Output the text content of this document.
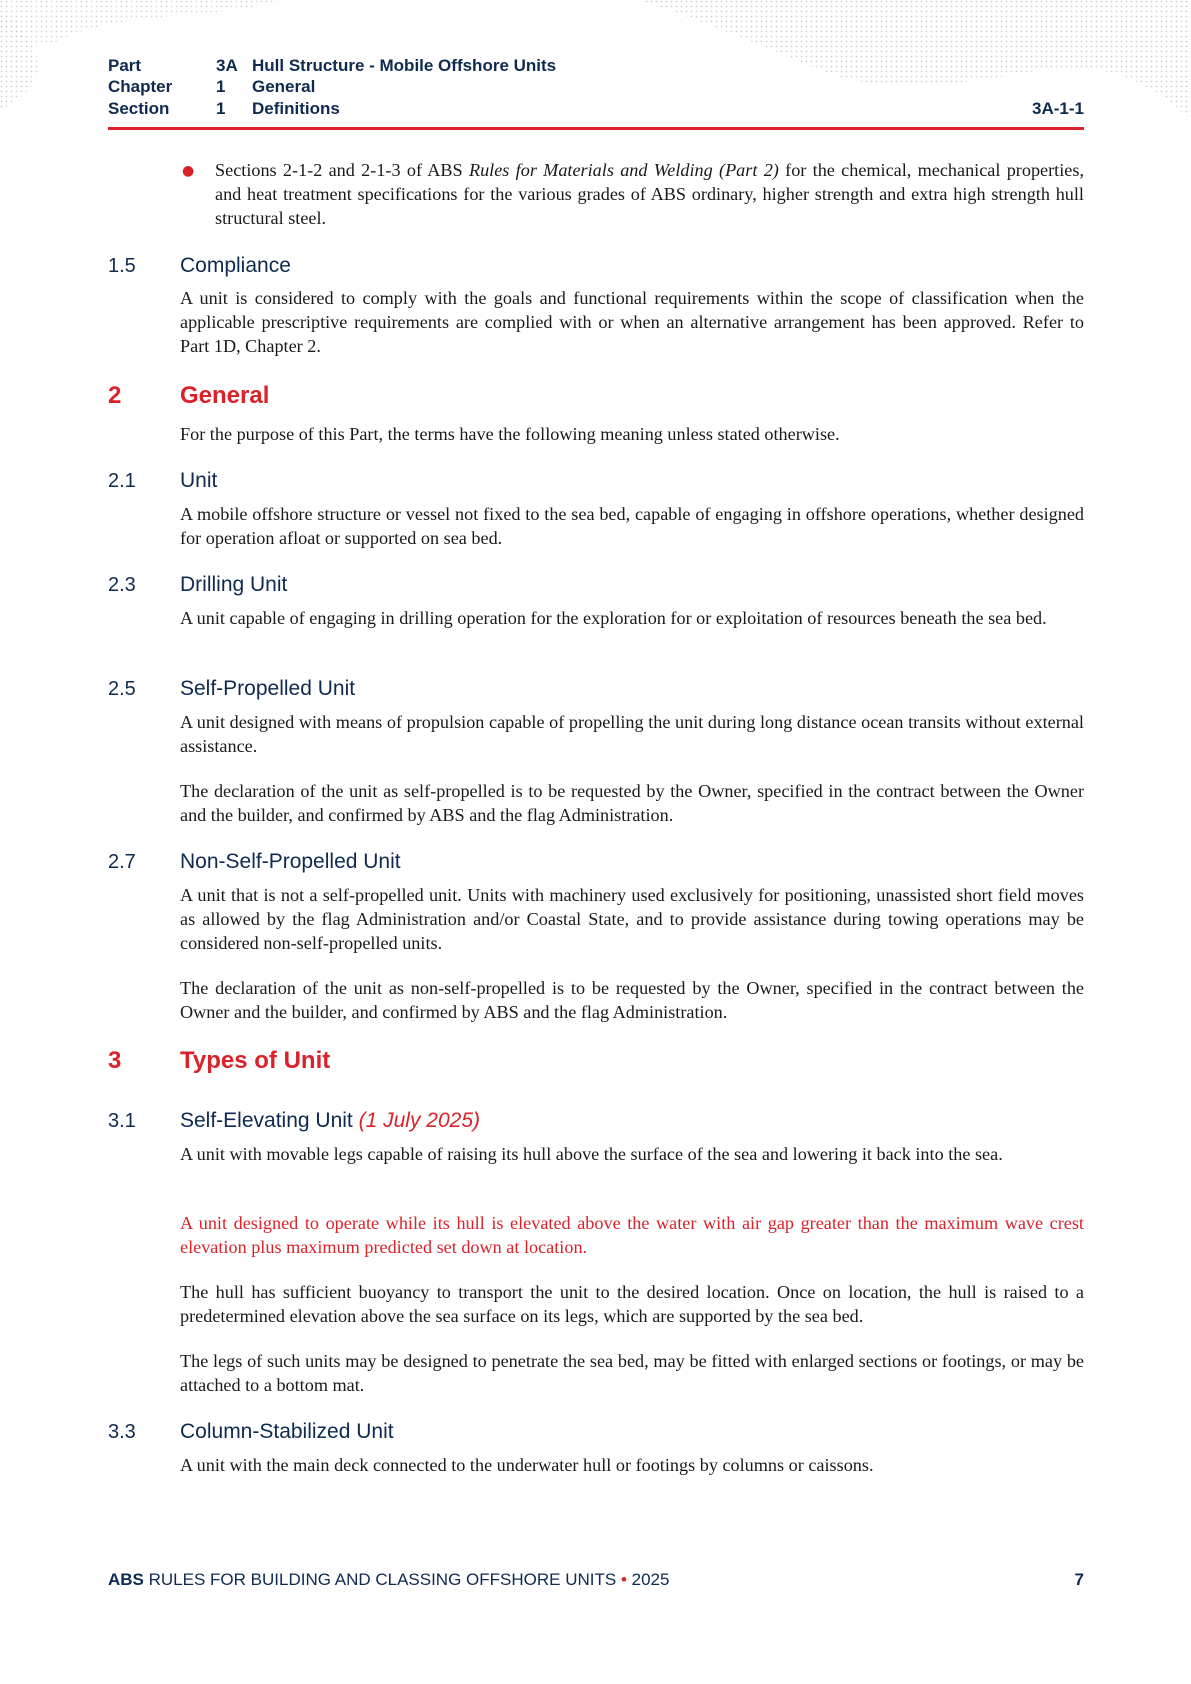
Part	3A Hull Structure - Mobile Offshore Units
Chapter	1 General
Section	1 Definitions	3A-1-1
● Sections 2-1-2 and 2-1-3 of ABS Rules for Materials and Welding (Part 2) for the chemical, mechanical properties, and heat treatment specifications for the various grades of ABS ordinary, higher strength and extra high strength hull structural steel.

1.5 Compliance

A unit is considered to comply with the goals and functional requirements within the scope of classification when the applicable prescriptive requirements are complied with or when an alternative arrangement has been approved. Refer to Part 1D, Chapter 2.

2 General

For the purpose of this Part, the terms have the following meaning unless stated otherwise.

2.1 Unit

A mobile offshore structure or vessel not fixed to the sea bed, capable of engaging in offshore operations, whether designed for operation afloat or supported on sea bed.

2.3 Drilling Unit

A unit capable of engaging in drilling operation for the exploration for or exploitation of resources beneath the sea bed.

2.5 Self-Propelled Unit

A unit designed with means of propulsion capable of propelling the unit during long distance ocean transits without external assistance.

The declaration of the unit as self-propelled is to be requested by the Owner, specified in the contract between the Owner and the builder, and confirmed by ABS and the flag Administration.

2.7 Non-Self-Propelled Unit

A unit that is not a self-propelled unit. Units with machinery used exclusively for positioning, unassisted short field moves as allowed by the flag Administration and/or Coastal State, and to provide assistance during towing operations may be considered non-self-propelled units.

The declaration of the unit as non-self-propelled is to be requested by the Owner, specified in the contract between the Owner and the builder, and confirmed by ABS and the flag Administration.

3 Types of Unit
3.1 Self-Elevating Unit (1 July 2025)

A unit with movable legs capable of raising its hull above the surface of the sea and lowering it back into the sea.

A unit designed to operate while its hull is elevated above the water with air gap greater than the maximum wave crest elevation plus maximum predicted set down at location.

The hull has sufficient buoyancy to transport the unit to the desired location. Once on location, the hull is raised to a predetermined elevation above the sea surface on its legs, which are supported by the sea bed.

The legs of such units may be designed to penetrate the sea bed, may be fitted with enlarged sections or footings, or may be attached to a bottom mat.

3.3 Column-Stabilized Unit

A unit with the main deck connected to the underwater hull or footings by columns or caissons.

ABS RULES FOR BUILDING AND CLASSING OFFSHORE UNITS • 2025	7
